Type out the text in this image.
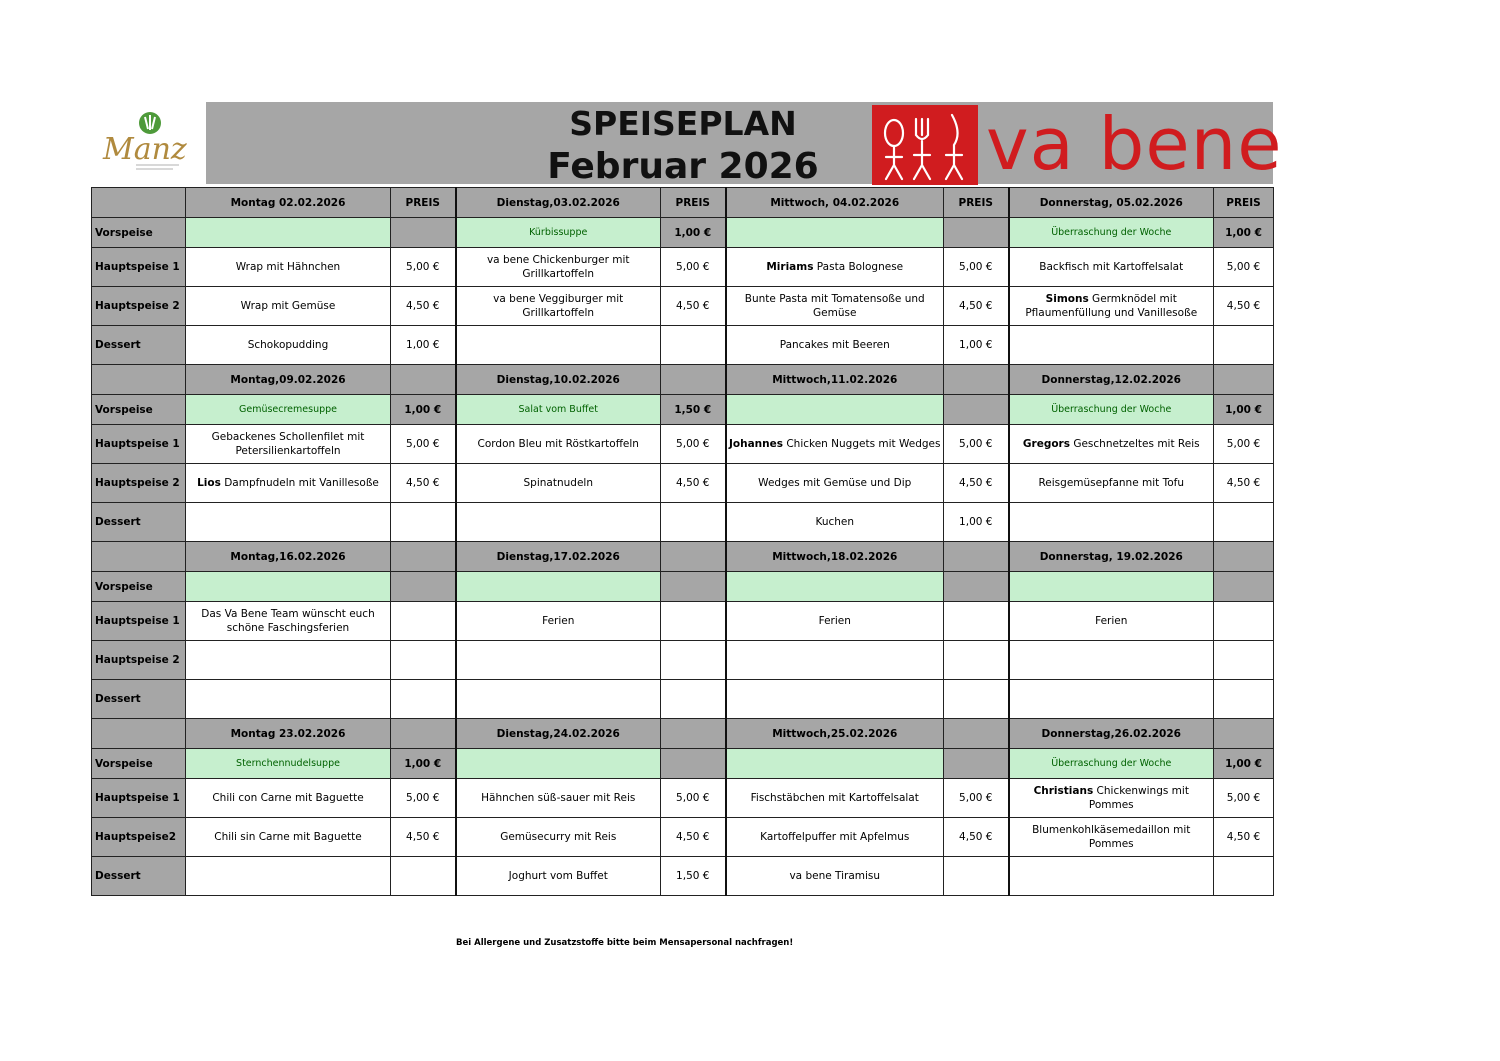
Manz
SPEISEPLAN
Februar 2026	va bene
	Montag 02.02.2026	PREIS	Dienstag,03.02.2026	PREIS	Mittwoch, 04.02.2026	PREIS	Donnerstag, 05.02.2026	PREIS
Vorspeise			Kürbissuppe	1,00 €			Überraschung der Woche	1,00 €
Hauptspeise 1	Wrap mit Hähnchen	5,00 €	va bene Chickenburger mit Grillkartoffeln	5,00 €	Miriams Pasta Bolognese	5,00 €	Backfisch mit Kartoffelsalat	5,00 €
Hauptspeise 2	Wrap mit Gemüse	4,50 €	va bene Veggiburger mit Grillkartoffeln	4,50 €	Bunte Pasta mit Tomatensoße und Gemüse	4,50 €	Simons Germknödel mit Pflaumenfüllung und Vanillesoße	4,50 €
Dessert	Schokopudding	1,00 €			Pancakes mit Beeren	1,00 €		
	Montag,09.02.2026		Dienstag,10.02.2026		Mittwoch,11.02.2026		Donnerstag,12.02.2026	
Vorspeise	Gemüsecremesuppe	1,00 €	Salat vom Buffet	1,50 €			Überraschung der Woche	1,00 €
Hauptspeise 1	Gebackenes Schollenfilet mit Petersilienkartoffeln	5,00 €	Cordon Bleu mit Röstkartoffeln	5,00 €	Johannes Chicken Nuggets mit Wedges	5,00 €	Gregors Geschnetzeltes mit Reis	5,00 €
Hauptspeise 2	Lios Dampfnudeln mit Vanillesoße	4,50 €	Spinatnudeln	4,50 €	Wedges mit Gemüse und Dip	4,50 €	Reisgemüsepfanne mit Tofu	4,50 €
Dessert					Kuchen	1,00 €		
	Montag,16.02.2026		Dienstag,17.02.2026		Mittwoch,18.02.2026		Donnerstag, 19.02.2026	
Vorspeise								
Hauptspeise 1	Das Va Bene Team wünscht euch schöne Faschingsferien		Ferien		Ferien		Ferien	
Hauptspeise 2								
Dessert								
	Montag 23.02.2026		Dienstag,24.02.2026		Mittwoch,25.02.2026		Donnerstag,26.02.2026	
Vorspeise	Sternchennudelsuppe	1,00 €					Überraschung der Woche	1,00 €
Hauptspeise 1	Chili con Carne mit Baguette	5,00 €	Hähnchen süß-sauer mit Reis	5,00 €	Fischstäbchen mit Kartoffelsalat	5,00 €	Christians Chickenwings mit Pommes	5,00 €
Hauptspeise2	Chili sin Carne mit Baguette	4,50 €	Gemüsecurry mit Reis	4,50 €	Kartoffelpuffer mit Apfelmus	4,50 €	Blumenkohlkäsemedaillon mit Pommes	4,50 €
Dessert			Joghurt vom Buffet	1,50 €	va bene Tiramisu			
Bei Allergene und Zusatzstoffe bitte beim Mensapersonal nachfragen!
